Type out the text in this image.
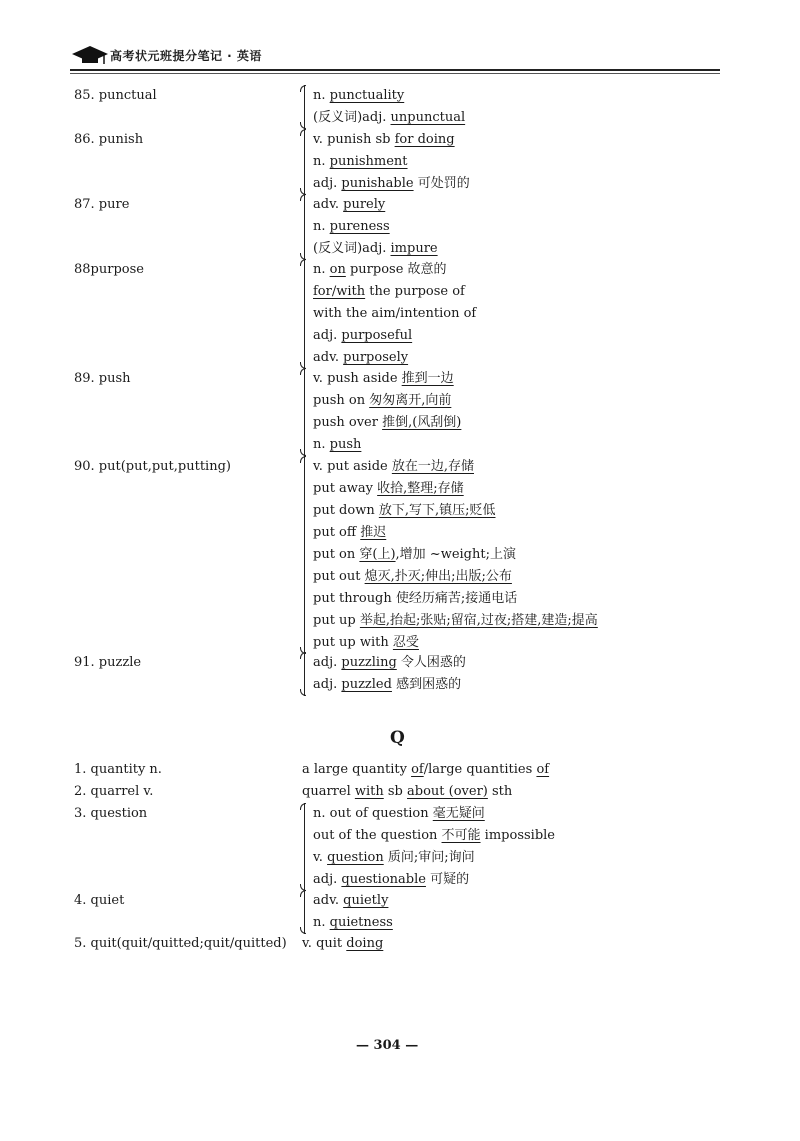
高考状元班提分笔记 · 英语
85. punctual	n. punctuality
(反义词)adj. unpunctual
86. punish	v. punish sb for doing
n. punishment
adj. punishable 可处罚的
87. pure	adv. purely
n. pureness
(反义词)adj. impure
88purpose	n. on purpose 故意的
for/with the purpose of
with the aim/intention of
adj. purposeful
adv. purposely
89. push	v. push aside 推到一边
push on 匆匆离开,向前
push over 推倒,(风刮倒)
n. push
90. put(put,put,putting)	v. put aside 放在一边,存储
put away 收拾,整理;存储
put down 放下,写下,镇压;贬低
put off 推迟
put on 穿(上),增加 ~weight;上演
put out 熄灭,扑灭;伸出;出版;公布
put through 使经历痛苦;接通电话
put up 举起,抬起;张贴;留宿,过夜;搭建,建造;提高
put up with 忍受
91. puzzle	adj. puzzling 令人困惑的
adj. puzzled 感到困惑的
Q
1. quantity n.	a large quantity of/large quantities of
2. quarrel v.	quarrel with sb about (over) sth
3. question	n. out of question 毫无疑问
out of the question 不可能 impossible
v. question 质问;审问;询问
adj. questionable 可疑的
4. quiet	adv. quietly
n. quietness
5. quit(quit/quitted;quit/quitted) v. quit doing
— 304 —
